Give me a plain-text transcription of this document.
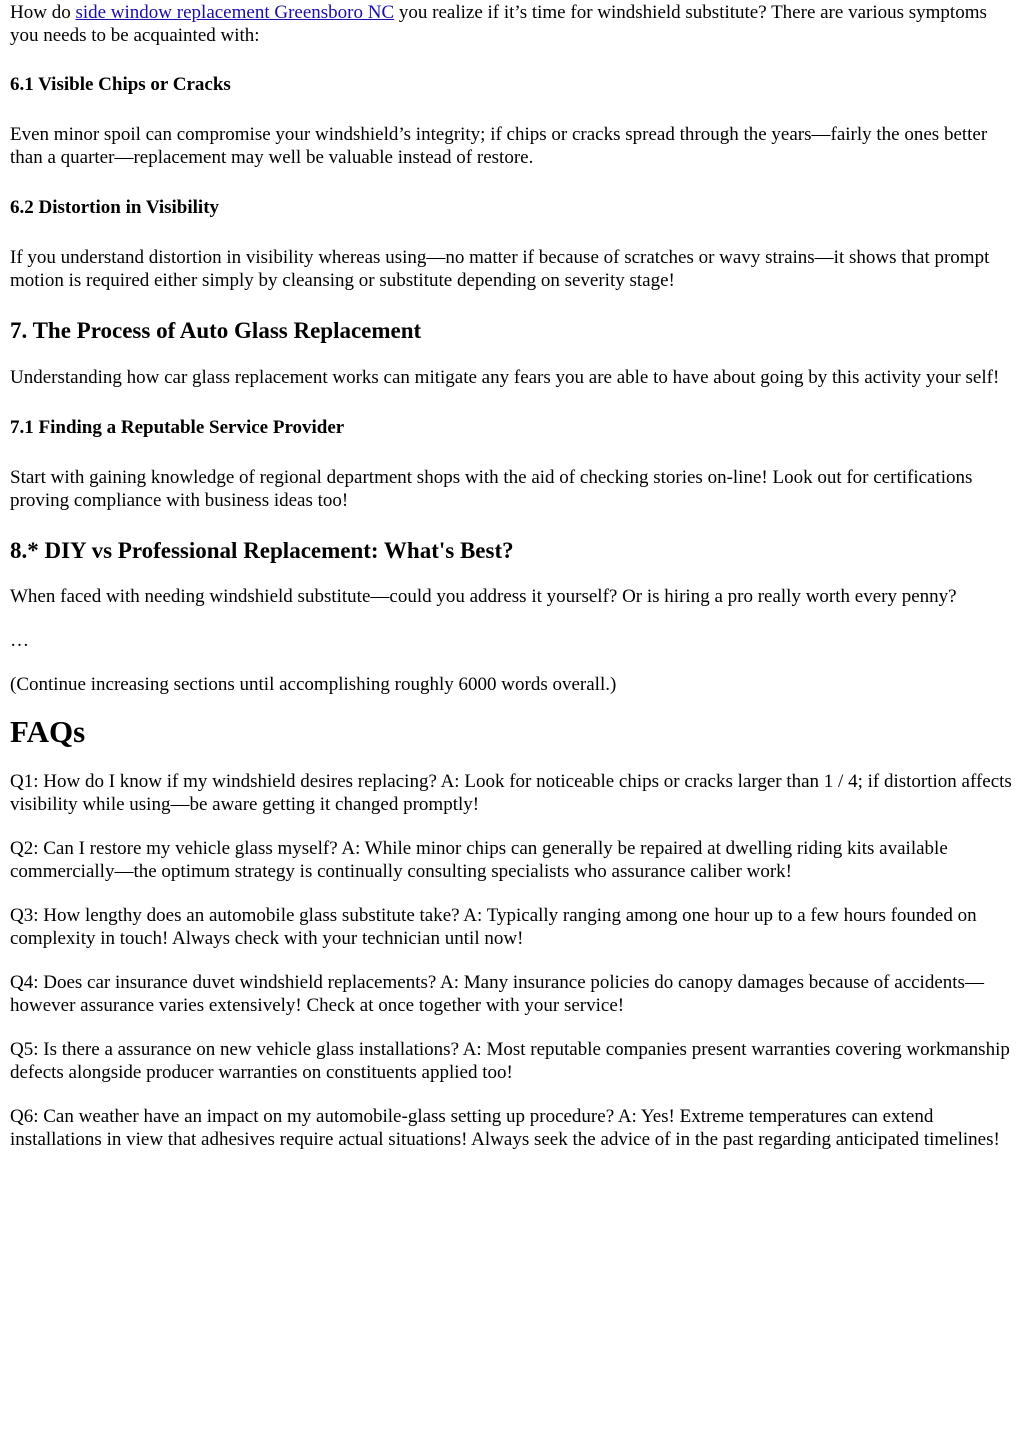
How do side window replacement Greensboro NC you realize if it’s time for windshield substitute? There are various symptoms you needs to be acquainted with:

6.1 Visible Chips or Cracks

Even minor spoil can compromise your windshield’s integrity; if chips or cracks spread through the years—fairly the ones better than a quarter—replacement may well be valuable instead of restore.

6.2 Distortion in Visibility

If you understand distortion in visibility whereas using—no matter if because of scratches or wavy strains—it shows that prompt motion is required either simply by cleansing or substitute depending on severity stage!

7. The Process of Auto Glass Replacement

Understanding how car glass replacement works can mitigate any fears you are able to have about going by this activity your self!

7.1 Finding a Reputable Service Provider

Start with gaining knowledge of regional department shops with the aid of checking stories on-line! Look out for certifications proving compliance with business ideas too!

8.* DIY vs Professional Replacement: What's Best?

When faced with needing windshield substitute—could you address it yourself? Or is hiring a pro really worth every penny?

…

(Continue increasing sections until accomplishing roughly 6000 words overall.)

FAQs

Q1: How do I know if my windshield desires replacing? A: Look for noticeable chips or cracks larger than 1 / 4; if distortion affects visibility while using—be aware getting it changed promptly!

Q2: Can I restore my vehicle glass myself? A: While minor chips can generally be repaired at dwelling riding kits available commercially—the optimum strategy is continually consulting specialists who assurance caliber work!

Q3: How lengthy does an automobile glass substitute take? A: Typically ranging among one hour up to a few hours founded on complexity in touch! Always check with your technician until now!

Q4: Does car insurance duvet windshield replacements? A: Many insurance policies do canopy damages because of accidents—however assurance varies extensively! Check at once together with your service!

Q5: Is there a assurance on new vehicle glass installations? A: Most reputable companies present warranties covering workmanship defects alongside producer warranties on constituents applied too!

Q6: Can weather have an impact on my automobile-glass setting up procedure? A: Yes! Extreme temperatures can extend installations in view that adhesives require actual situations! Always seek the advice of in the past regarding anticipated timelines!
